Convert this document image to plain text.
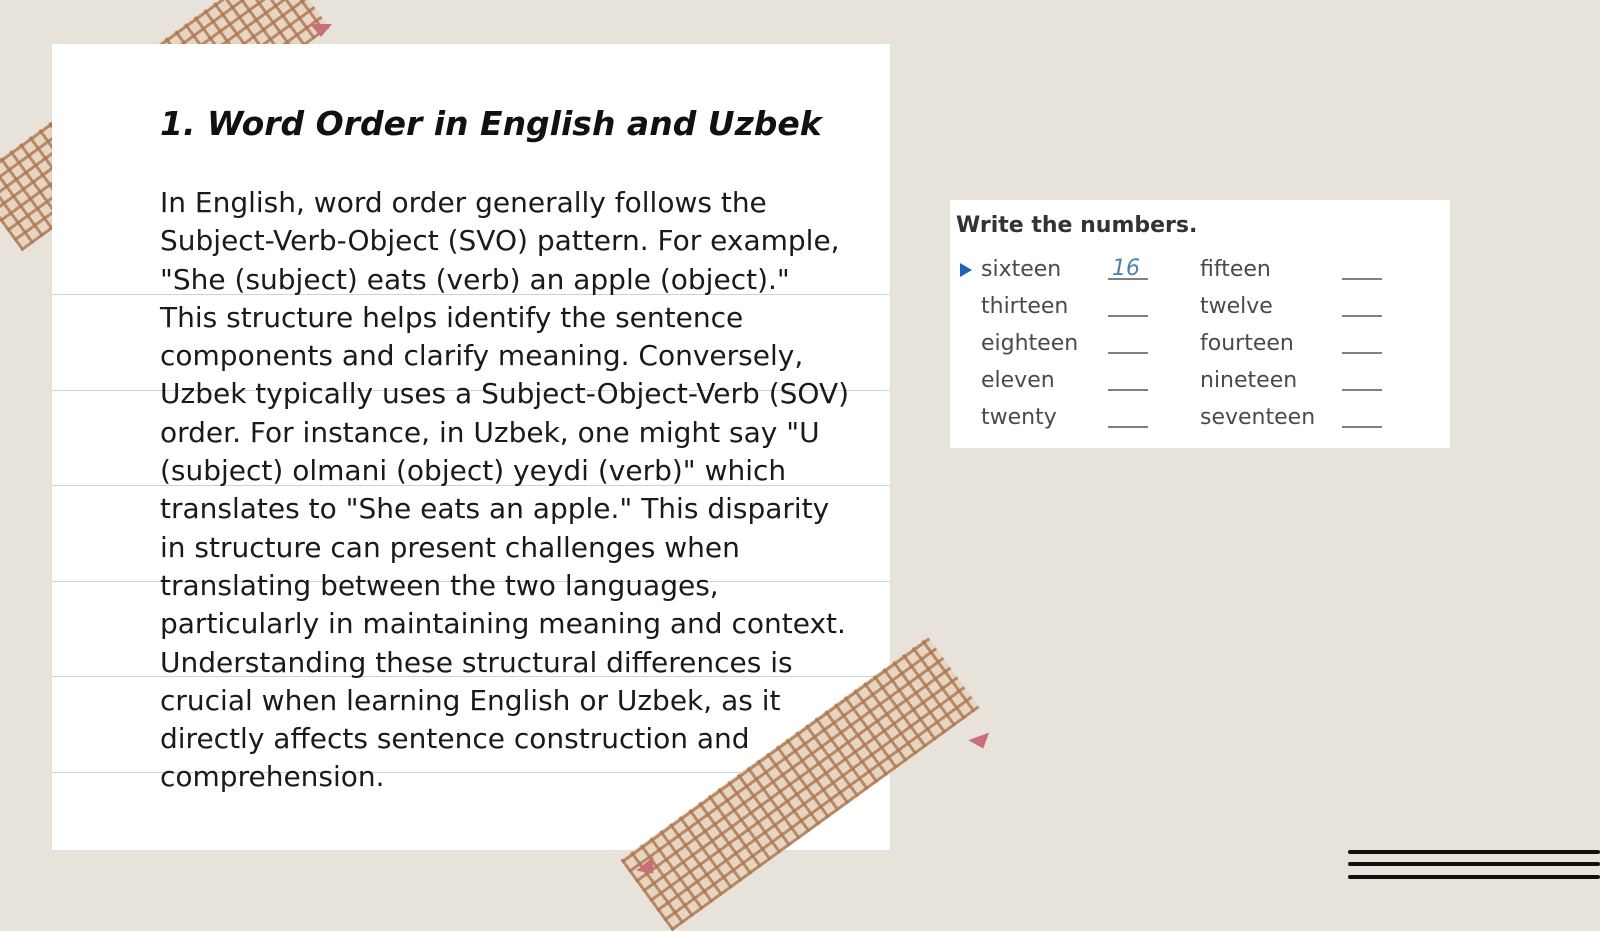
1. Word Order in English and Uzbek

In English, word order generally follows the Subject-Verb-Object (SVO) pattern. For example, "She (subject) eats (verb) an apple (object)." This structure helps identify the sentence components and clarify meaning. Conversely, Uzbek typically uses a Subject-Object-Verb (SOV) order. For instance, in Uzbek, one might say "U (subject) olmani (object) yeydi (verb)" which translates to "She eats an apple." This disparity in structure can present challenges when translating between the two languages, particularly in maintaining meaning and context. Understanding these structural differences is crucial when learning English or Uzbek, as it directly affects sentence construction and comprehension.

Write the numbers.
sixteen 16	fifteen
thirteen	twelve
eighteen	fourteen
eleven	nineteen
twenty	seventeen
